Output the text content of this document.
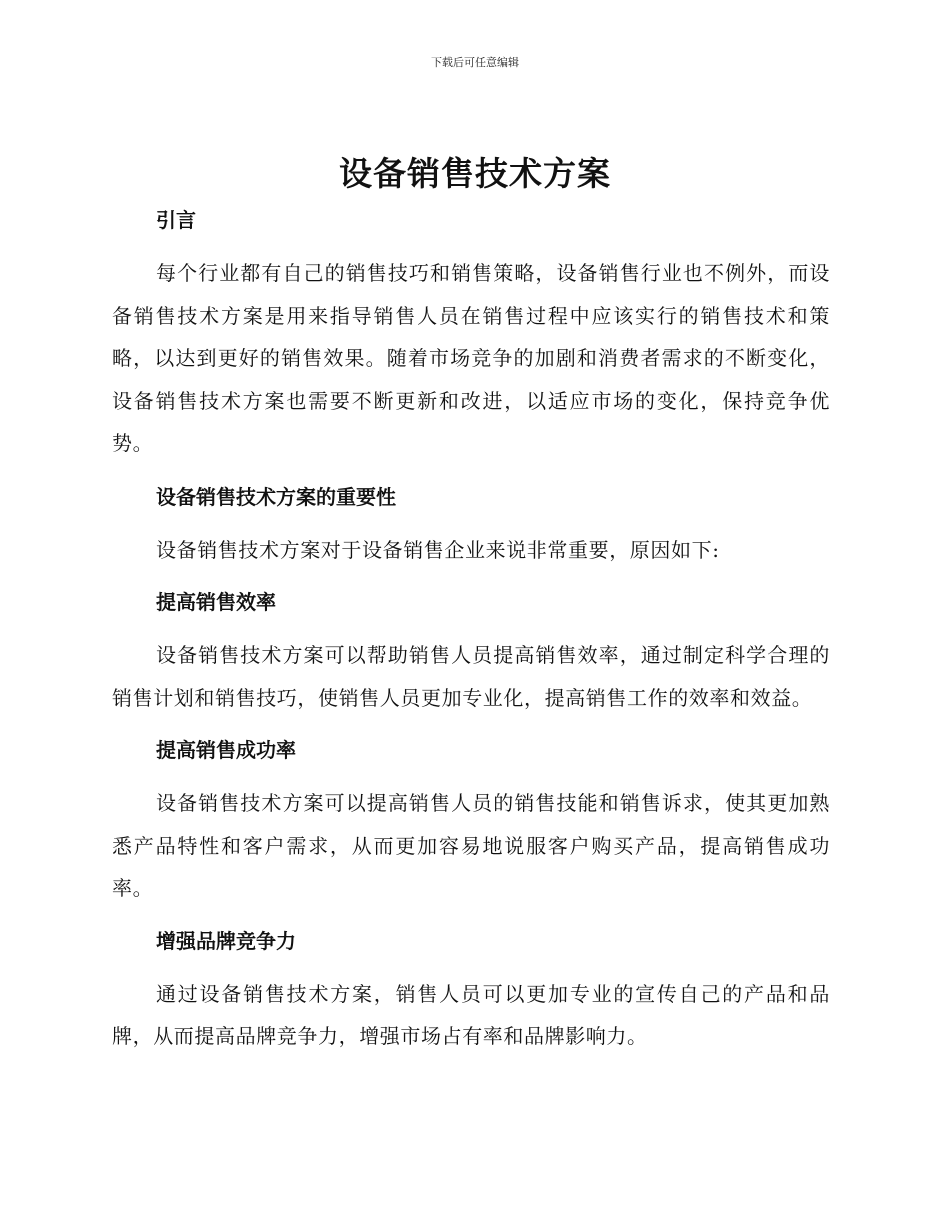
下载后可任意编辑
设备销售技术方案
引言
每个行业都有自己的销售技巧和销售策略，设备销售行业也不例外，而设备销售技术方案是用来指导销售人员在销售过程中应该实行的销售技术和策略，以达到更好的销售效果。随着市场竞争的加剧和消费者需求的不断变化，设备销售技术方案也需要不断更新和改进，以适应市场的变化，保持竞争优势。
设备销售技术方案的重要性
设备销售技术方案对于设备销售企业来说非常重要，原因如下:
提高销售效率
设备销售技术方案可以帮助销售人员提高销售效率，通过制定科学合理的销售计划和销售技巧，使销售人员更加专业化，提高销售工作的效率和效益。
提高销售成功率
设备销售技术方案可以提高销售人员的销售技能和销售诉求，使其更加熟悉产品特性和客户需求，从而更加容易地说服客户购买产品，提高销售成功率。
增强品牌竞争力
通过设备销售技术方案，销售人员可以更加专业的宣传自己的产品和品牌，从而提高品牌竞争力，增强市场占有率和品牌影响力。
